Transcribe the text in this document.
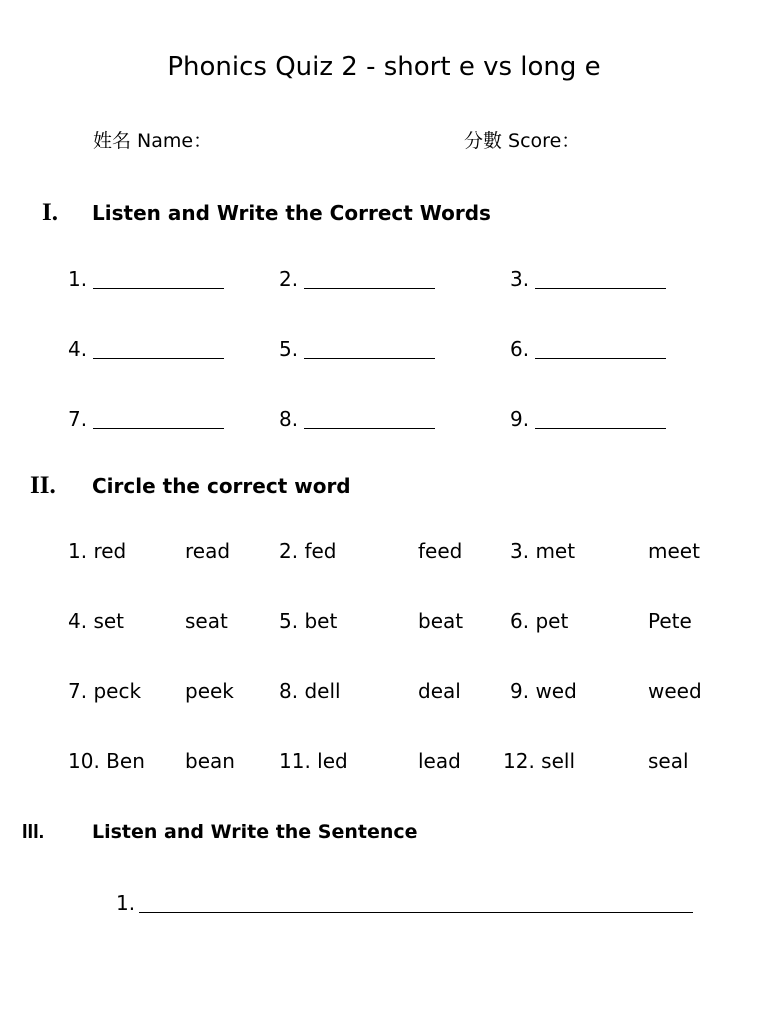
Phonics Quiz 2 - short e vs long e
姓名 Name：	分數 Score：
I. Listen and Write the Correct Words
1.	2.	3.
4.	5.	6.
7.	8.	9.
II. Circle the correct word
1. red	read 2. fed	feed 3. met	meet
4. set	seat	5. bet	beat 6. pet	Pete
7. peck peek 8. dell	deal 9. wed	weed
10. Ben bean 11. led	lead 12. sell	seal
III.	Listen and Write the Sentence
1.
